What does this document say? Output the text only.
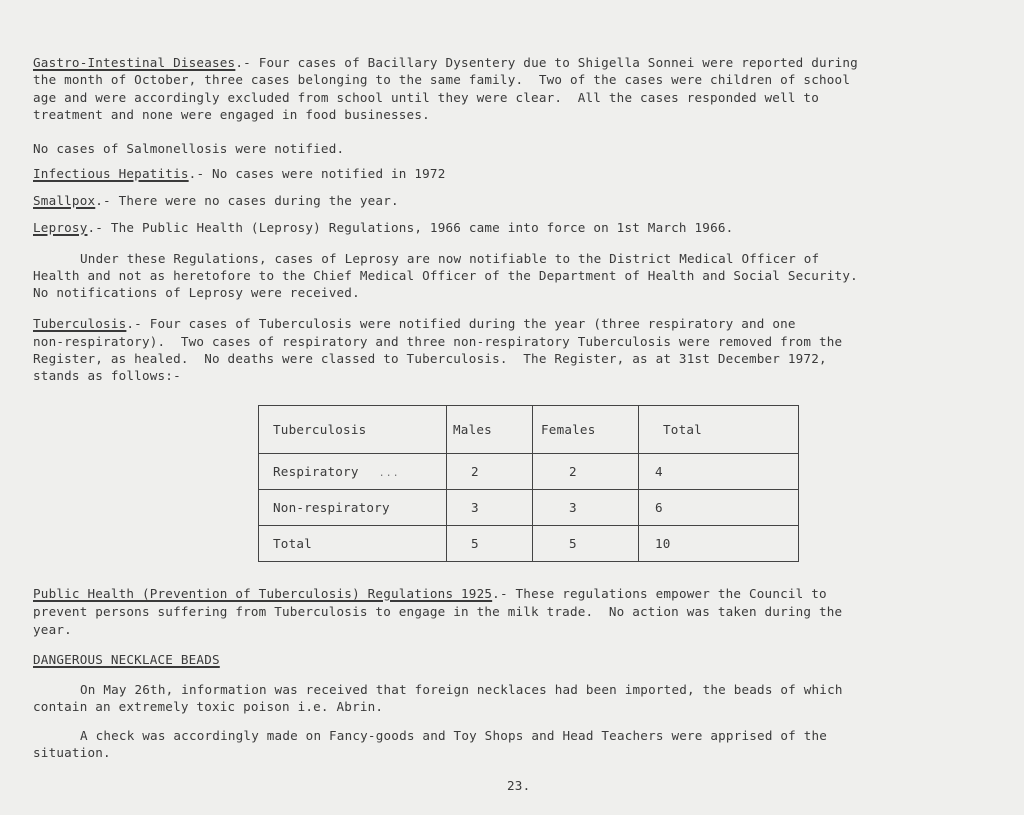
Gastro-Intestinal Diseases.- Four cases of Bacillary Dysentery due to Shigella Sonnei were reported during
the month of October, three cases belonging to the same family.  Two of the cases were children of school
age and were accordingly excluded from school until they were clear.  All the cases responded well to
treatment and none were engaged in food businesses.
No cases of Salmonellosis were notified.
Infectious Hepatitis.- No cases were notified in 1972
Smallpox.- There were no cases during the year.
Leprosy.- The Public Health (Leprosy) Regulations, 1966 came into force on 1st March 1966.
Under these Regulations, cases of Leprosy are now notifiable to the District Medical Officer of
Health and not as heretofore to the Chief Medical Officer of the Department of Health and Social Security.
No notifications of Leprosy were received.
Tuberculosis.- Four cases of Tuberculosis were notified during the year (three respiratory and one
non-respiratory).  Two cases of respiratory and three non-respiratory Tuberculosis were removed from the
Register, as healed.  No deaths were classed to Tuberculosis.  The Register, as at 31st December 1972,
stands as follows:-
Tuberculosis	Males	Females	Total
Respiratory ...	2	2	4
Non-respiratory	3	3	6
Total	5	5	10
Public Health (Prevention of Tuberculosis) Regulations 1925.- These regulations empower the Council to
prevent persons suffering from Tuberculosis to engage in the milk trade.  No action was taken during the
year.
DANGEROUS NECKLACE BEADS
On May 26th, information was received that foreign necklaces had been imported, the beads of which
contain an extremely toxic poison i.e. Abrin.
A check was accordingly made on Fancy-goods and Toy Shops and Head Teachers were apprised of the
situation.
23.
